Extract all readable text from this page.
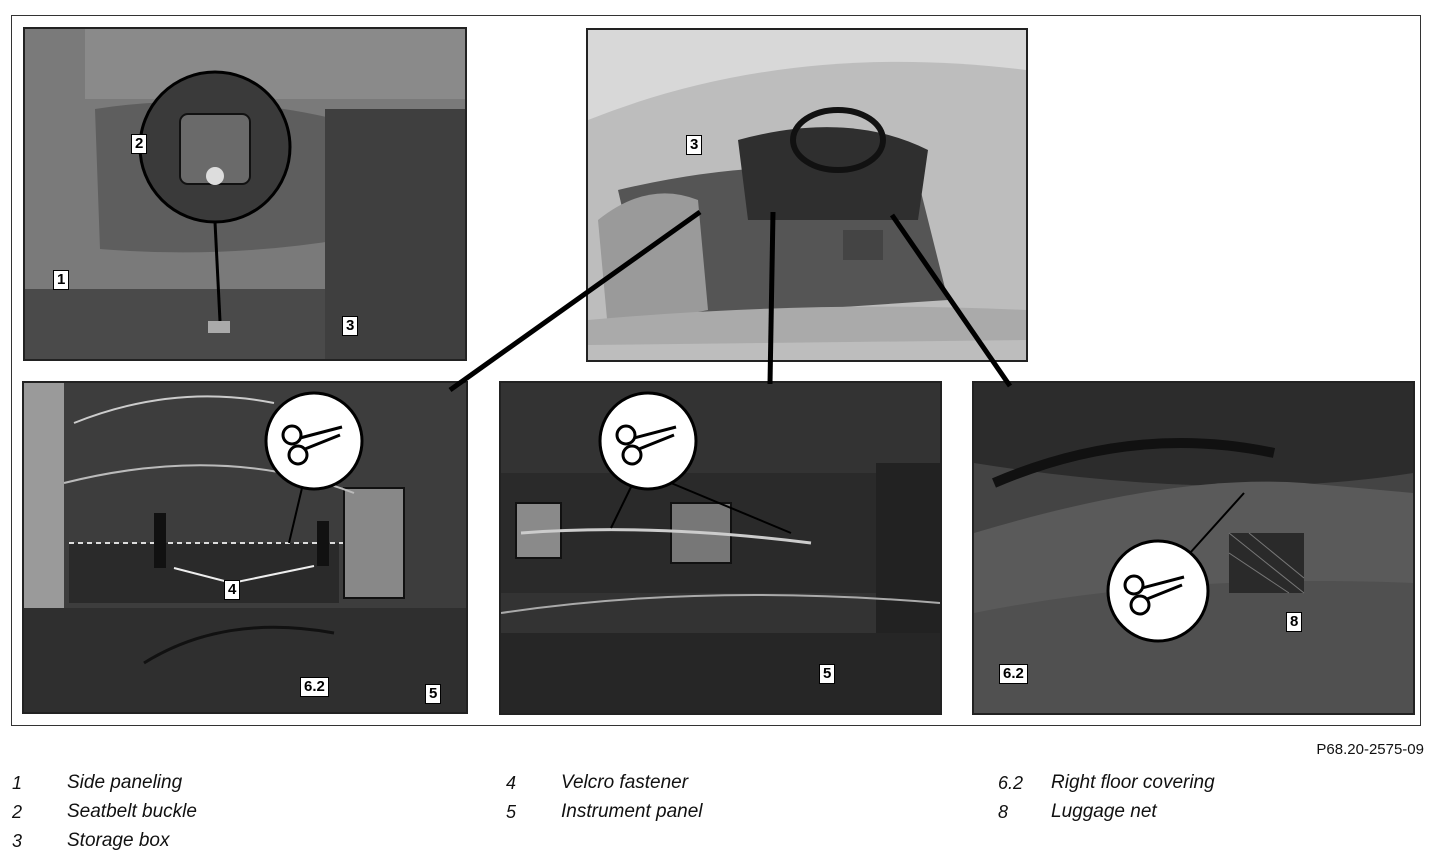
1
2
3
3
4
6.2	5
5	6.2
8
P68.20-2575-09
1 Side paneling
2 Seatbelt buckle
3 Storage box
4 Velcro fastener
5 Instrument panel
6.2 Right floor covering
8 Luggage net
